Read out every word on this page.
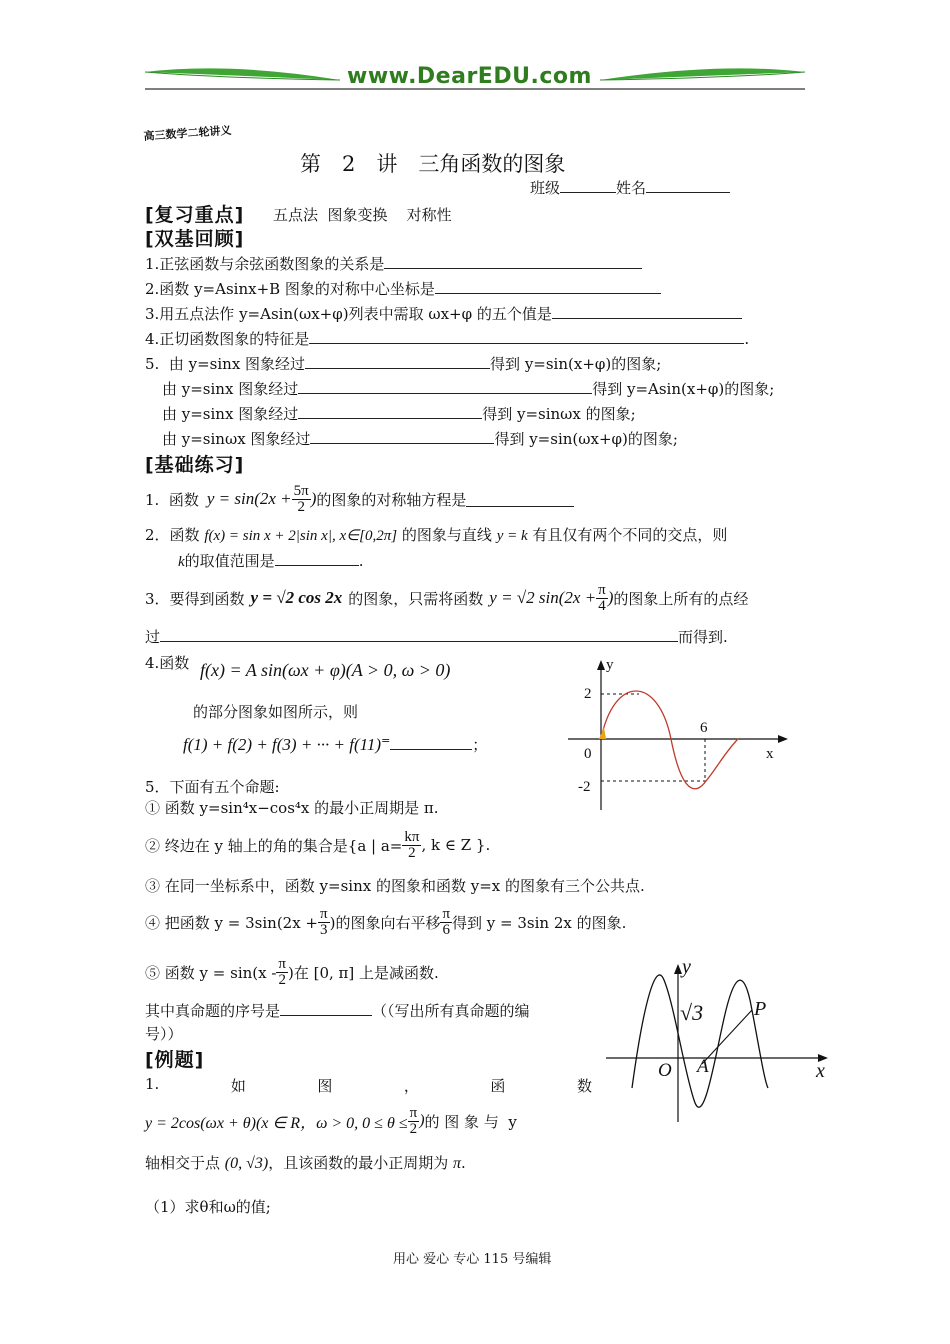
www.DearEDU.com
高三数学二轮讲义
第　2　讲　三角函数的图象
班级	姓名
[复习重点] 五点法  图象变换    对称性
[双基回顾]
1.正弦函数与余弦函数图象的关系是
2.函数 y=Asinx+B 图象的对称中心坐标是
3.用五点法作 y=Asin(ωx+φ)列表中需取 ωx+φ 的五个值是
4.正切函数图象的特征是	.
5.  由 y=sinx 图象经过	得到 y=sin(x+φ)的图象;
由 y=sinx 图象经过	得到 y=Asin(x+φ)的图象;
由 y=sinx 图象经过	得到 y=sinωx 的图象;
由 y=sinωx 图象经过	得到 y=sin(ωx+φ)的图象;
[基础练习]
1.  函数 $y = \sin(2x + \frac{5\pi}{2}$ ) 的图象的对称轴方程是
2．函数 f(x) = sin x + 2|sin x|, x∈[0,2π] 的图象与直线 y = k 有且仅有两个不同的交点，则
k的取值范围是	.
3．要得到函数 y = √2 cos 2x 的图象，只需将函数 y = √2 $\sin(2x + \frac{\pi}{4}$ ) 的图象上所有的点经
过	而得到.
4.函数 f(x) = A sin(ωx + φ)(A > 0, ω > 0)
的部分图象如图所示，则
f(1) + f(2) + f(3) + ··· + f(11)=	；
y
2
6
0	x
-2
5．下面有五个命题:
① 函数 y=sin⁴x−cos⁴x 的最小正周期是 π.
② 终边在 y 轴上的角的集合是{a | $a= \frac{k\pi}{2}$ , k ∈ Z }.
③ 在同一坐标系中，函数 y=sinx 的图象和函数 y=x 的图象有三个公共点.
④ 把函数 $y = 3\sin(2x + \frac{\pi}{3}$ )的图象向右平移 $\frac{\pi}{6}$ 得到 y = 3sin 2x 的图象.
⑤ 函数 $y = \sin(x - \frac{\pi}{2}$ )在 [0, π] 上是减函数.
其中真命题的序号是	（（写出所有真命题的编
号））
y
√3	P
O A	x
[例题]
1.	如	图	，	函	数
y = 2cos(ωx + θ)(x ∈ R，ω > 0, $0 \le \theta \le \frac{\pi}{2}$ ) 的 图 象 与  y
轴相交于点 (0, √3)，且该函数的最小正周期为 π.
（1）求θ和ω的值;
用心 爱心 专心 115 号编辑
